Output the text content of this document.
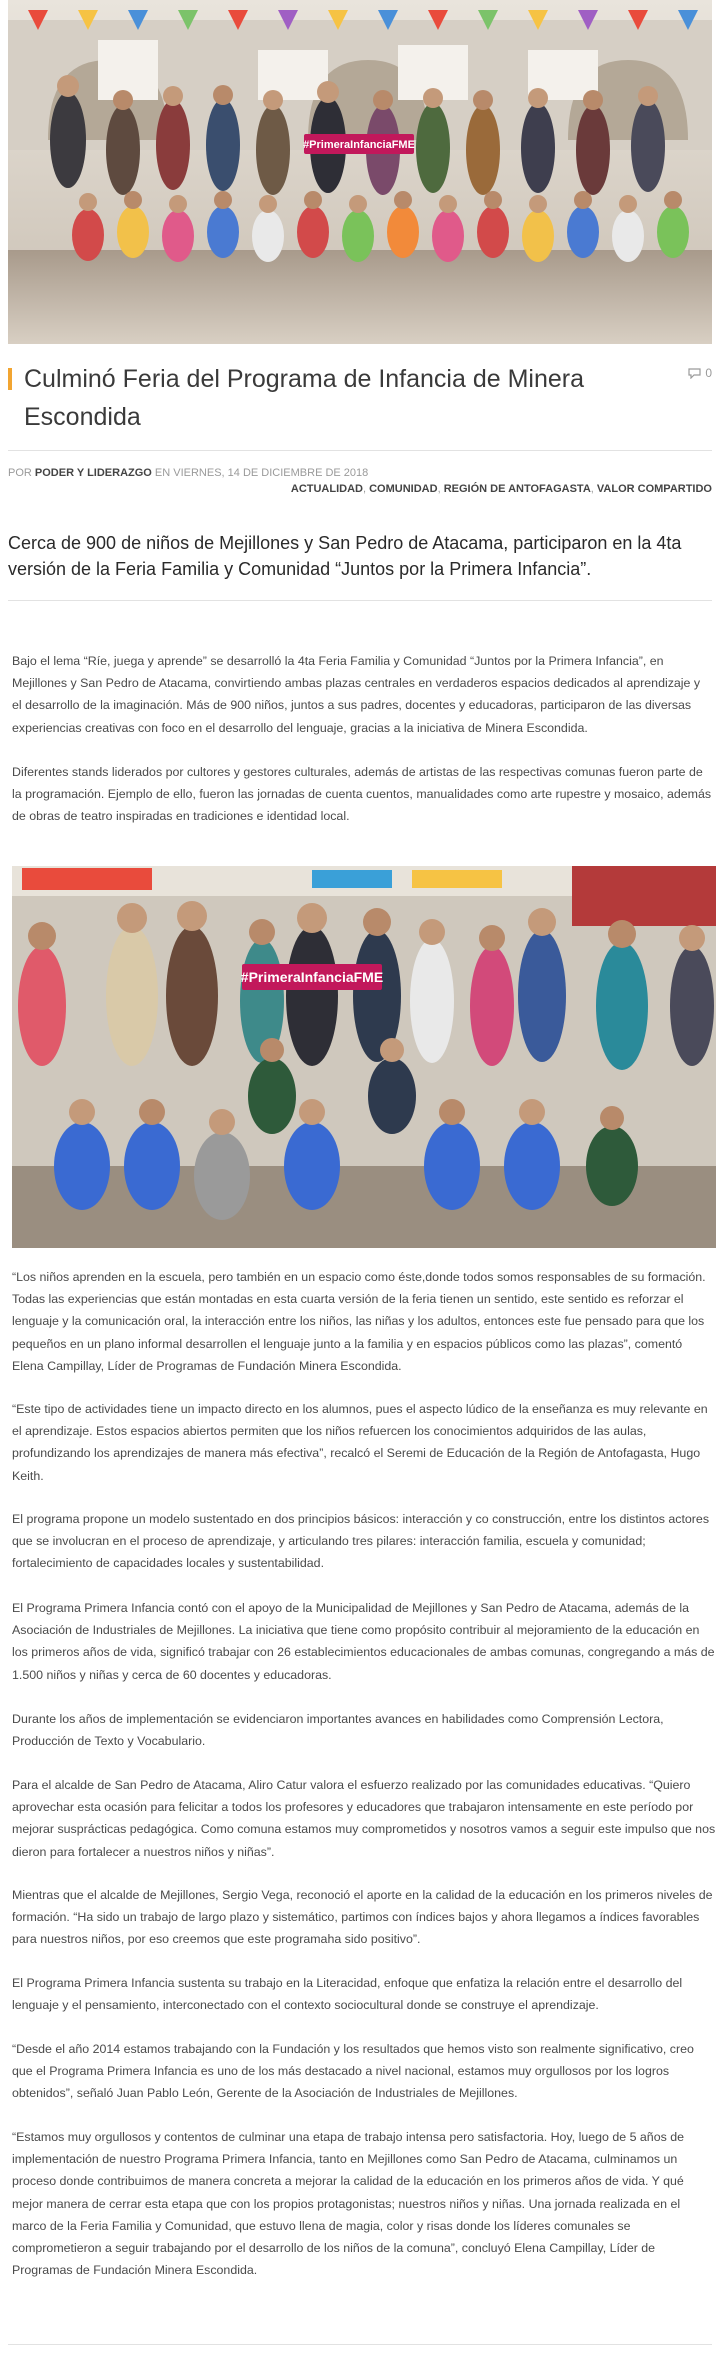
#PrimeraInfanciaFME
Culminó Feria del Programa de Infancia de Minera Escondida
0
POR PODER Y LIDERAZGO EN VIERNES, 14 DE DICIEMBRE DE 2018
ACTUALIDAD, COMUNIDAD, REGIÓN DE ANTOFAGASTA, VALOR COMPARTIDO
Cerca de 900 de niños de Mejillones y San Pedro de Atacama, participaron en la 4ta versión de la Feria Familia y Comunidad “Juntos por la Primera Infancia”.

Bajo el lema “Ríe, juega y aprende” se desarrolló la 4ta Feria Familia y Comunidad “Juntos por la Primera Infancia”, en Mejillones y San Pedro de Atacama, convirtiendo ambas plazas centrales en verdaderos espacios dedicados al aprendizaje y el desarrollo de la imaginación. Más de 900 niños, juntos a sus padres, docentes y educadoras, participaron de las diversas experiencias creativas con foco en el desarrollo del lenguaje, gracias a la iniciativa de Minera Escondida.

Diferentes stands liderados por cultores y gestores culturales, además de artistas de las respectivas comunas fueron parte de la programación. Ejemplo de ello, fueron las jornadas de cuenta cuentos, manualidades como arte rupestre y mosaico, además de obras de teatro inspiradas en tradiciones e identidad local.

#PrimeraInfanciaFME
“Los niños aprenden en la escuela, pero también en un espacio como éste,donde todos somos responsables de su formación. Todas las experiencias que están montadas en esta cuarta versión de la feria tienen un sentido, este sentido es reforzar el lenguaje y la comunicación oral, la interacción entre los niños, las niñas y los adultos, entonces este fue pensado para que los pequeños en un plano informal desarrollen el lenguaje junto a la familia y en espacios públicos como las plazas”, comentó Elena Campillay, Líder de Programas de Fundación Minera Escondida.
“Este tipo de actividades tiene un impacto directo en los alumnos, pues el aspecto lúdico de la enseñanza es muy relevante en el aprendizaje. Estos espacios abiertos permiten que los niños refuercen los conocimientos adquiridos de las aulas, profundizando los aprendizajes de manera más efectiva”, recalcó el Seremi de Educación de la Región de Antofagasta, Hugo Keith.
El programa propone un modelo sustentado en dos principios básicos: interacción y co construcción, entre los distintos actores que se involucran en el proceso de aprendizaje, y articulando tres pilares: interacción familia, escuela y comunidad; fortalecimiento de capacidades locales y sustentabilidad.
El Programa Primera Infancia contó con el apoyo de la Municipalidad de Mejillones y San Pedro de Atacama, además de la Asociación de Industriales de Mejillones. La iniciativa que tiene como propósito contribuir al mejoramiento de la educación en los primeros años de vida, significó trabajar con 26 establecimientos educacionales de ambas comunas, congregando a más de 1.500 niños y niñas y cerca de 60 docentes y educadoras.
Durante los años de implementación se evidenciaron importantes avances en habilidades como Comprensión Lectora, Producción de Texto y Vocabulario.
Para el alcalde de San Pedro de Atacama, Aliro Catur valora el esfuerzo realizado por las comunidades educativas. “Quiero aprovechar esta ocasión para felicitar a todos los profesores y educadores que trabajaron intensamente en este período por mejorar susprácticas pedagógica. Como comuna estamos muy comprometidos y nosotros vamos a seguir este impulso que nos dieron para fortalecer a nuestros niños y niñas”.
Mientras que el alcalde de Mejillones, Sergio Vega, reconoció el aporte en la calidad de la educación en los primeros niveles de formación. “Ha sido un trabajo de largo plazo y sistemático, partimos con índices bajos y ahora llegamos a índices favorables para nuestros niños, por eso creemos que este programaha sido positivo”.
El Programa Primera Infancia sustenta su trabajo en la Literacidad, enfoque que enfatiza la relación entre el desarrollo del lenguaje y el pensamiento, interconectado con el contexto sociocultural donde se construye el aprendizaje.
“Desde el año 2014 estamos trabajando con la Fundación y los resultados que hemos visto son realmente significativo, creo que el Programa Primera Infancia es uno de los más destacado a nivel nacional, estamos muy orgullosos por los logros obtenidos”, señaló Juan Pablo León, Gerente de la Asociación de Industriales de Mejillones.
“Estamos muy orgullosos y contentos de culminar una etapa de trabajo intensa pero satisfactoria. Hoy, luego de 5 años de implementación de nuestro Programa Primera Infancia, tanto en Mejillones como San Pedro de Atacama, culminamos un proceso donde contribuimos de manera concreta a mejorar la calidad de la educación en los primeros años de vida. Y qué mejor manera de cerrar esta etapa que con los propios protagonistas; nuestros niños y niñas. Una jornada realizada en el marco de la Feria Familia y Comunidad, que estuvo llena de magia, color y risas donde los líderes comunales se comprometieron a seguir trabajando por el desarrollo de los niños de la comuna”, concluyó Elena Campillay, Líder de Programas de Fundación Minera Escondida.
